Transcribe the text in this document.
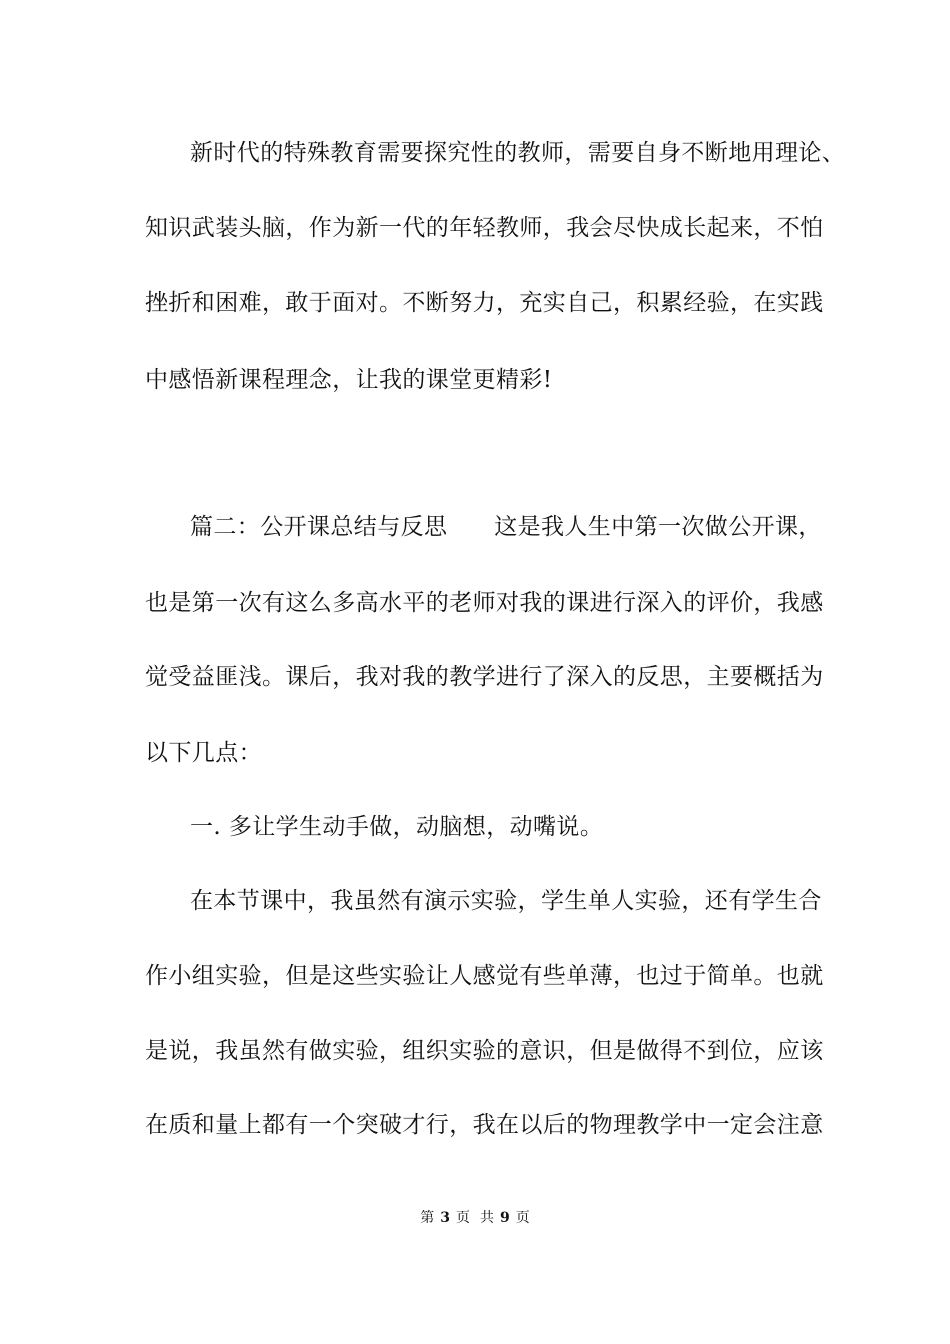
新时代的特殊教育需要探究性的教师，需要自身不断地用理论、
知识武装头脑，作为新一代的年轻教师，我会尽快成长起来，不怕
挫折和困难，敢于面对。不断努力，充实自己，积累经验，在实践
中感悟新课程理念，让我的课堂更精彩!
篇二：公开课总结与反思　　这是我人生中第一次做公开课，
也是第一次有这么多高水平的老师对我的课进行深入的评价，我感
觉受益匪浅。课后，我对我的教学进行了深入的反思，主要概括为
以下几点：
一. 多让学生动手做，动脑想，动嘴说。
在本节课中，我虽然有演示实验，学生单人实验，还有学生合
作小组实验，但是这些实验让人感觉有些单薄，也过于简单。也就
是说，我虽然有做实验，组织实验的意识，但是做得不到位，应该
在质和量上都有一个突破才行，我在以后的物理教学中一定会注意
第 3 页 共 9 页
